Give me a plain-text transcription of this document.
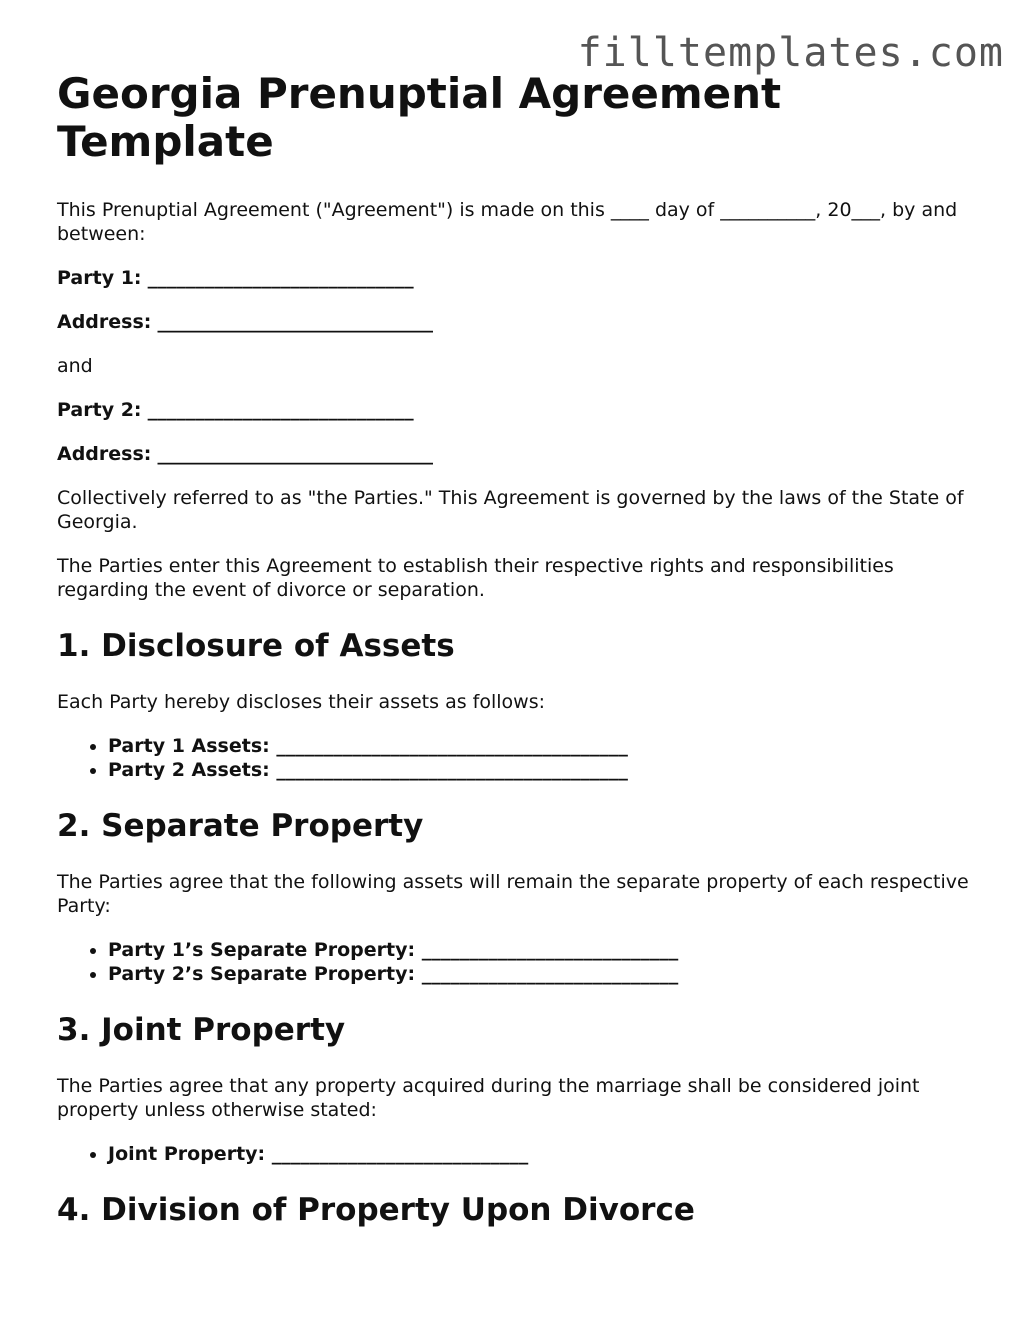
filltemplates.com
Georgia Prenuptial Agreement
Template

This Prenuptial Agreement ("Agreement") is made on this ____ day of __________, 20___, by and between:

Party 1: ____________________________

Address: _____________________________

and

Party 2: ____________________________

Address: _____________________________

Collectively referred to as "the Parties." This Agreement is governed by the laws of the State of Georgia.

The Parties enter this Agreement to establish their respective rights and responsibilities regarding the event of divorce or separation.

1. Disclosure of Assets

Each Party hereby discloses their assets as follows:

• Party 1 Assets: _____________________________________
• Party 2 Assets: _____________________________________
2. Separate Property

The Parties agree that the following assets will remain the separate property of each respective Party:

• Party 1’s Separate Property: ___________________________
• Party 2’s Separate Property: ___________________________
3. Joint Property

The Parties agree that any property acquired during the marriage shall be considered joint property unless otherwise stated:

• Joint Property: ___________________________
4. Division of Property Upon Divorce
